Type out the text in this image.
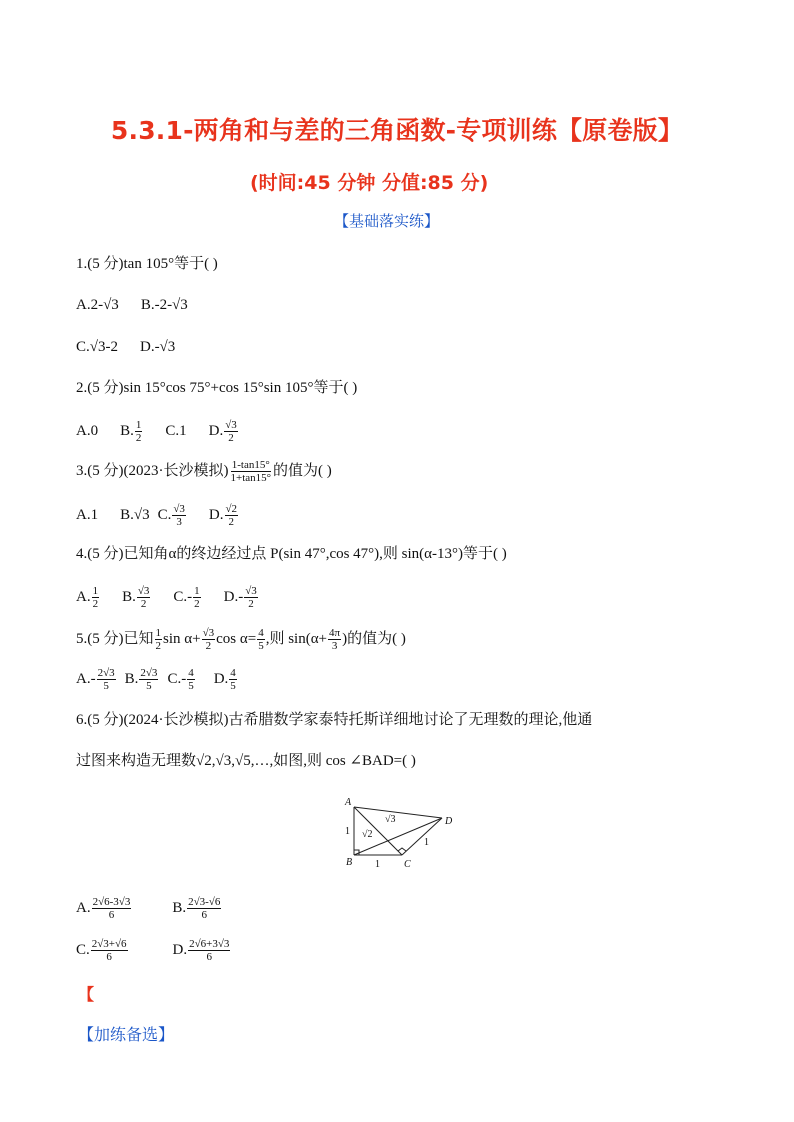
5.3.1-两角和与差的三角函数-专项训练【原卷版】
(时间:45 分钟 分值:85 分)
【基础落实练】
1.(5 分)tan 105°等于( )
A.2-√3 B.-2-√3
C.√3-2 D.-√3
2.(5 分)sin 15°cos 75°+cos 15°sin 105°等于( )
A.0 B. $\frac{1}{2} C.1$ D. $\frac{√3}{2}$
3.(5 分)(2023·长沙模拟) $\frac{1-\tan 15^\circ}{1+\tan 15^\circ}$ 的值为( )
A.1 B.√3 C. $\frac{√3}{3} D$. $\frac{√2}{2}$
4.(5 分)已知角α的终边经过点 P(sin 47°,cos 47°),则 sin(α-13°)等于( )
A. $\frac{1}{2} B$. $\frac{√3}{2} C.- \frac{1}{2} D.- \frac{√3}{2}$
5.(5 分)已知 $\frac{1}{2}$ $\sin \alpha+ \frac{√3}{2}$ $\cos \alpha= \frac{4}{5}$ ,则 $\sin(\alpha+ \frac{4\pi}{3}$ )的值为( )
$A.- \frac{2√3}{5} B$. $\frac{2√3}{5} C.- \frac{4}{5} D$. $\frac{4}{5}$
6.(5 分)(2024·长沙模拟)古希腊数学家泰特托斯详细地讨论了无理数的理论,他通
过图来构造无理数√2,√3,√5,…,如图,则 cos ∠BAD=( )
A
B	C
D
1
1
1
√2
√3
A. $\frac{2√6-3√3}{6}$	B. $\frac{2√3-√6}{6}$
C. $\frac{2√3+√6}{6}$	D. $\frac{2√6+3√3}{6}$
【
【加练备选】
